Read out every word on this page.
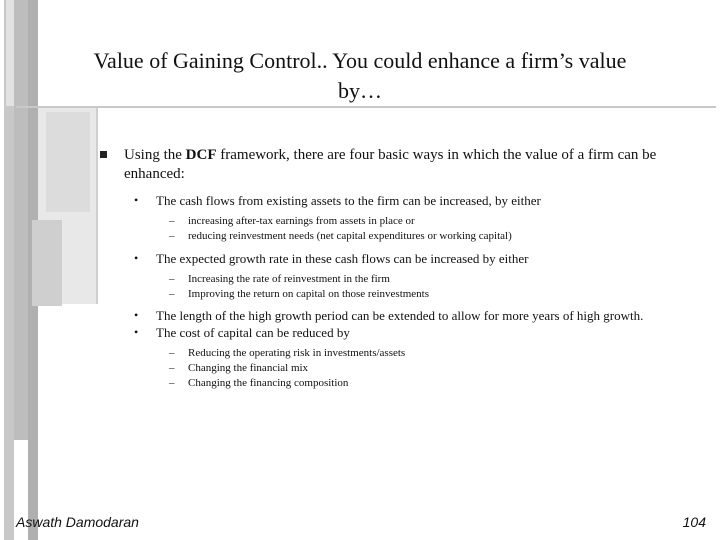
Value of Gaining Control.. You could enhance a firm’s value
by…
Using the DCF framework, there are four basic ways in which the value of a firm can be
enhanced:
• The cash flows from existing assets to the firm can be increased, by either
– increasing after-tax earnings from assets in place or
– reducing reinvestment needs (net capital expenditures or working capital)
• The expected growth rate in these cash flows can be increased by either
– Increasing the rate of reinvestment in the firm
– Improving the return on capital on those reinvestments
• The length of the high growth period can be extended to allow for more years of high growth.
• The cost of capital can be reduced by
– Reducing the operating risk in investments/assets
– Changing the financial mix
– Changing the financing composition
Aswath Damodaran	104
